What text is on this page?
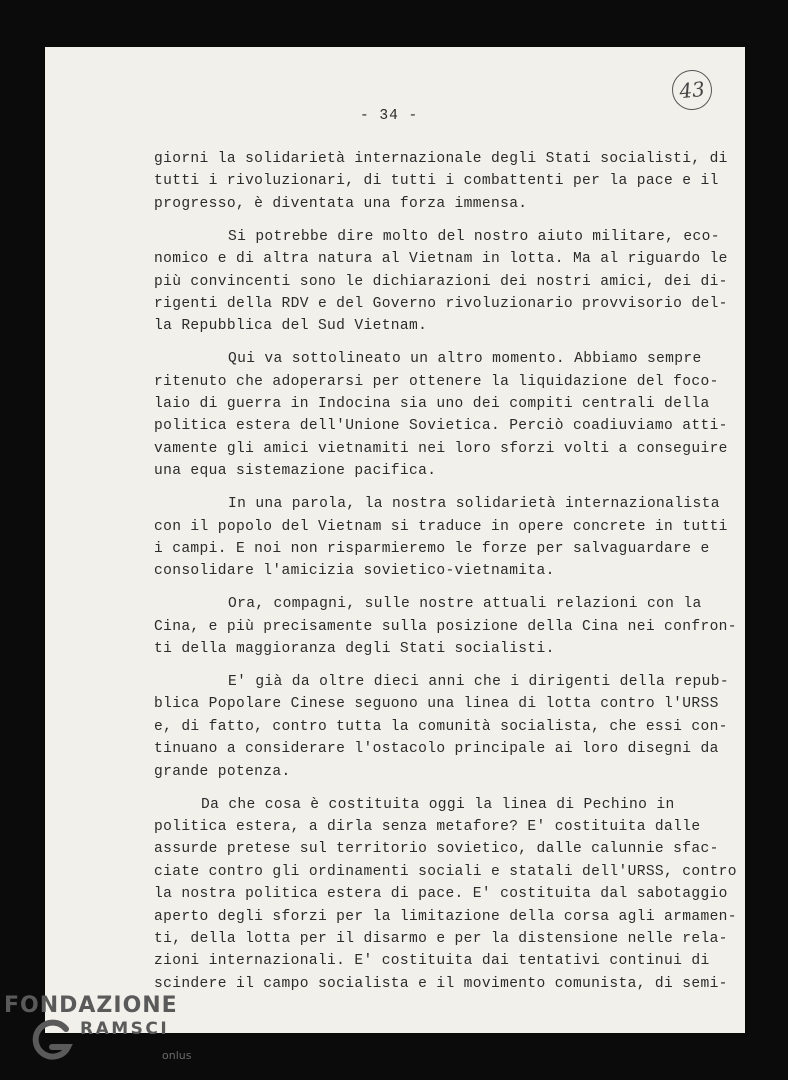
43
- 34 -
giorni la solidarietà internazionale degli Stati socialisti, di
tutti i rivoluzionari, di tutti i combattenti per la pace e il
progresso, è diventata una forza immensa.
Si potrebbe dire molto del nostro aiuto militare, eco-
nomico e di altra natura al Vietnam in lotta. Ma al riguardo le
più convincenti sono le dichiarazioni dei nostri amici, dei di-
rigenti della RDV e del Governo rivoluzionario provvisorio del-
la Repubblica del Sud Vietnam.
Qui va sottolineato un altro momento. Abbiamo sempre
ritenuto che adoperarsi per ottenere la liquidazione del foco-
laio di guerra in Indocina sia uno dei compiti centrali della
politica estera dell'Unione Sovietica. Perciò coadiuviamo atti-
vamente gli amici vietnamiti nei loro sforzi volti a conseguire
una equa sistemazione pacifica.
In una parola, la nostra solidarietà internazionalista
con il popolo del Vietnam si traduce in opere concrete in tutti
i campi. E noi non risparmieremo le forze per salvaguardare e
consolidare l'amicizia sovietico-vietnamita.
Ora, compagni, sulle nostre attuali relazioni con la
Cina, e più precisamente sulla posizione della Cina nei confron-
ti della maggioranza degli Stati socialisti.
E' già da oltre dieci anni che i dirigenti della repub-
blica Popolare Cinese seguono una linea di lotta contro l'URSS
e, di fatto, contro tutta la comunità socialista, che essi con-
tinuano a considerare l'ostacolo principale ai loro disegni da
grande potenza.
Da che cosa è costituita oggi la linea di Pechino in
politica estera, a dirla senza metafore? E' costituita dalle
assurde pretese sul territorio sovietico, dalle calunnie sfac-
ciate contro gli ordinamenti sociali e statali dell'URSS, contro
la nostra politica estera di pace. E' costituita dal sabotaggio
aperto degli sforzi per la limitazione della corsa agli armamen-
ti, della lotta per il disarmo e per la distensione nelle rela-
zioni internazionali. E' costituita dai tentativi continui di
scindere il campo socialista e il movimento comunista, di semi-
FONDAZIONE
RAMSCI
onlus
